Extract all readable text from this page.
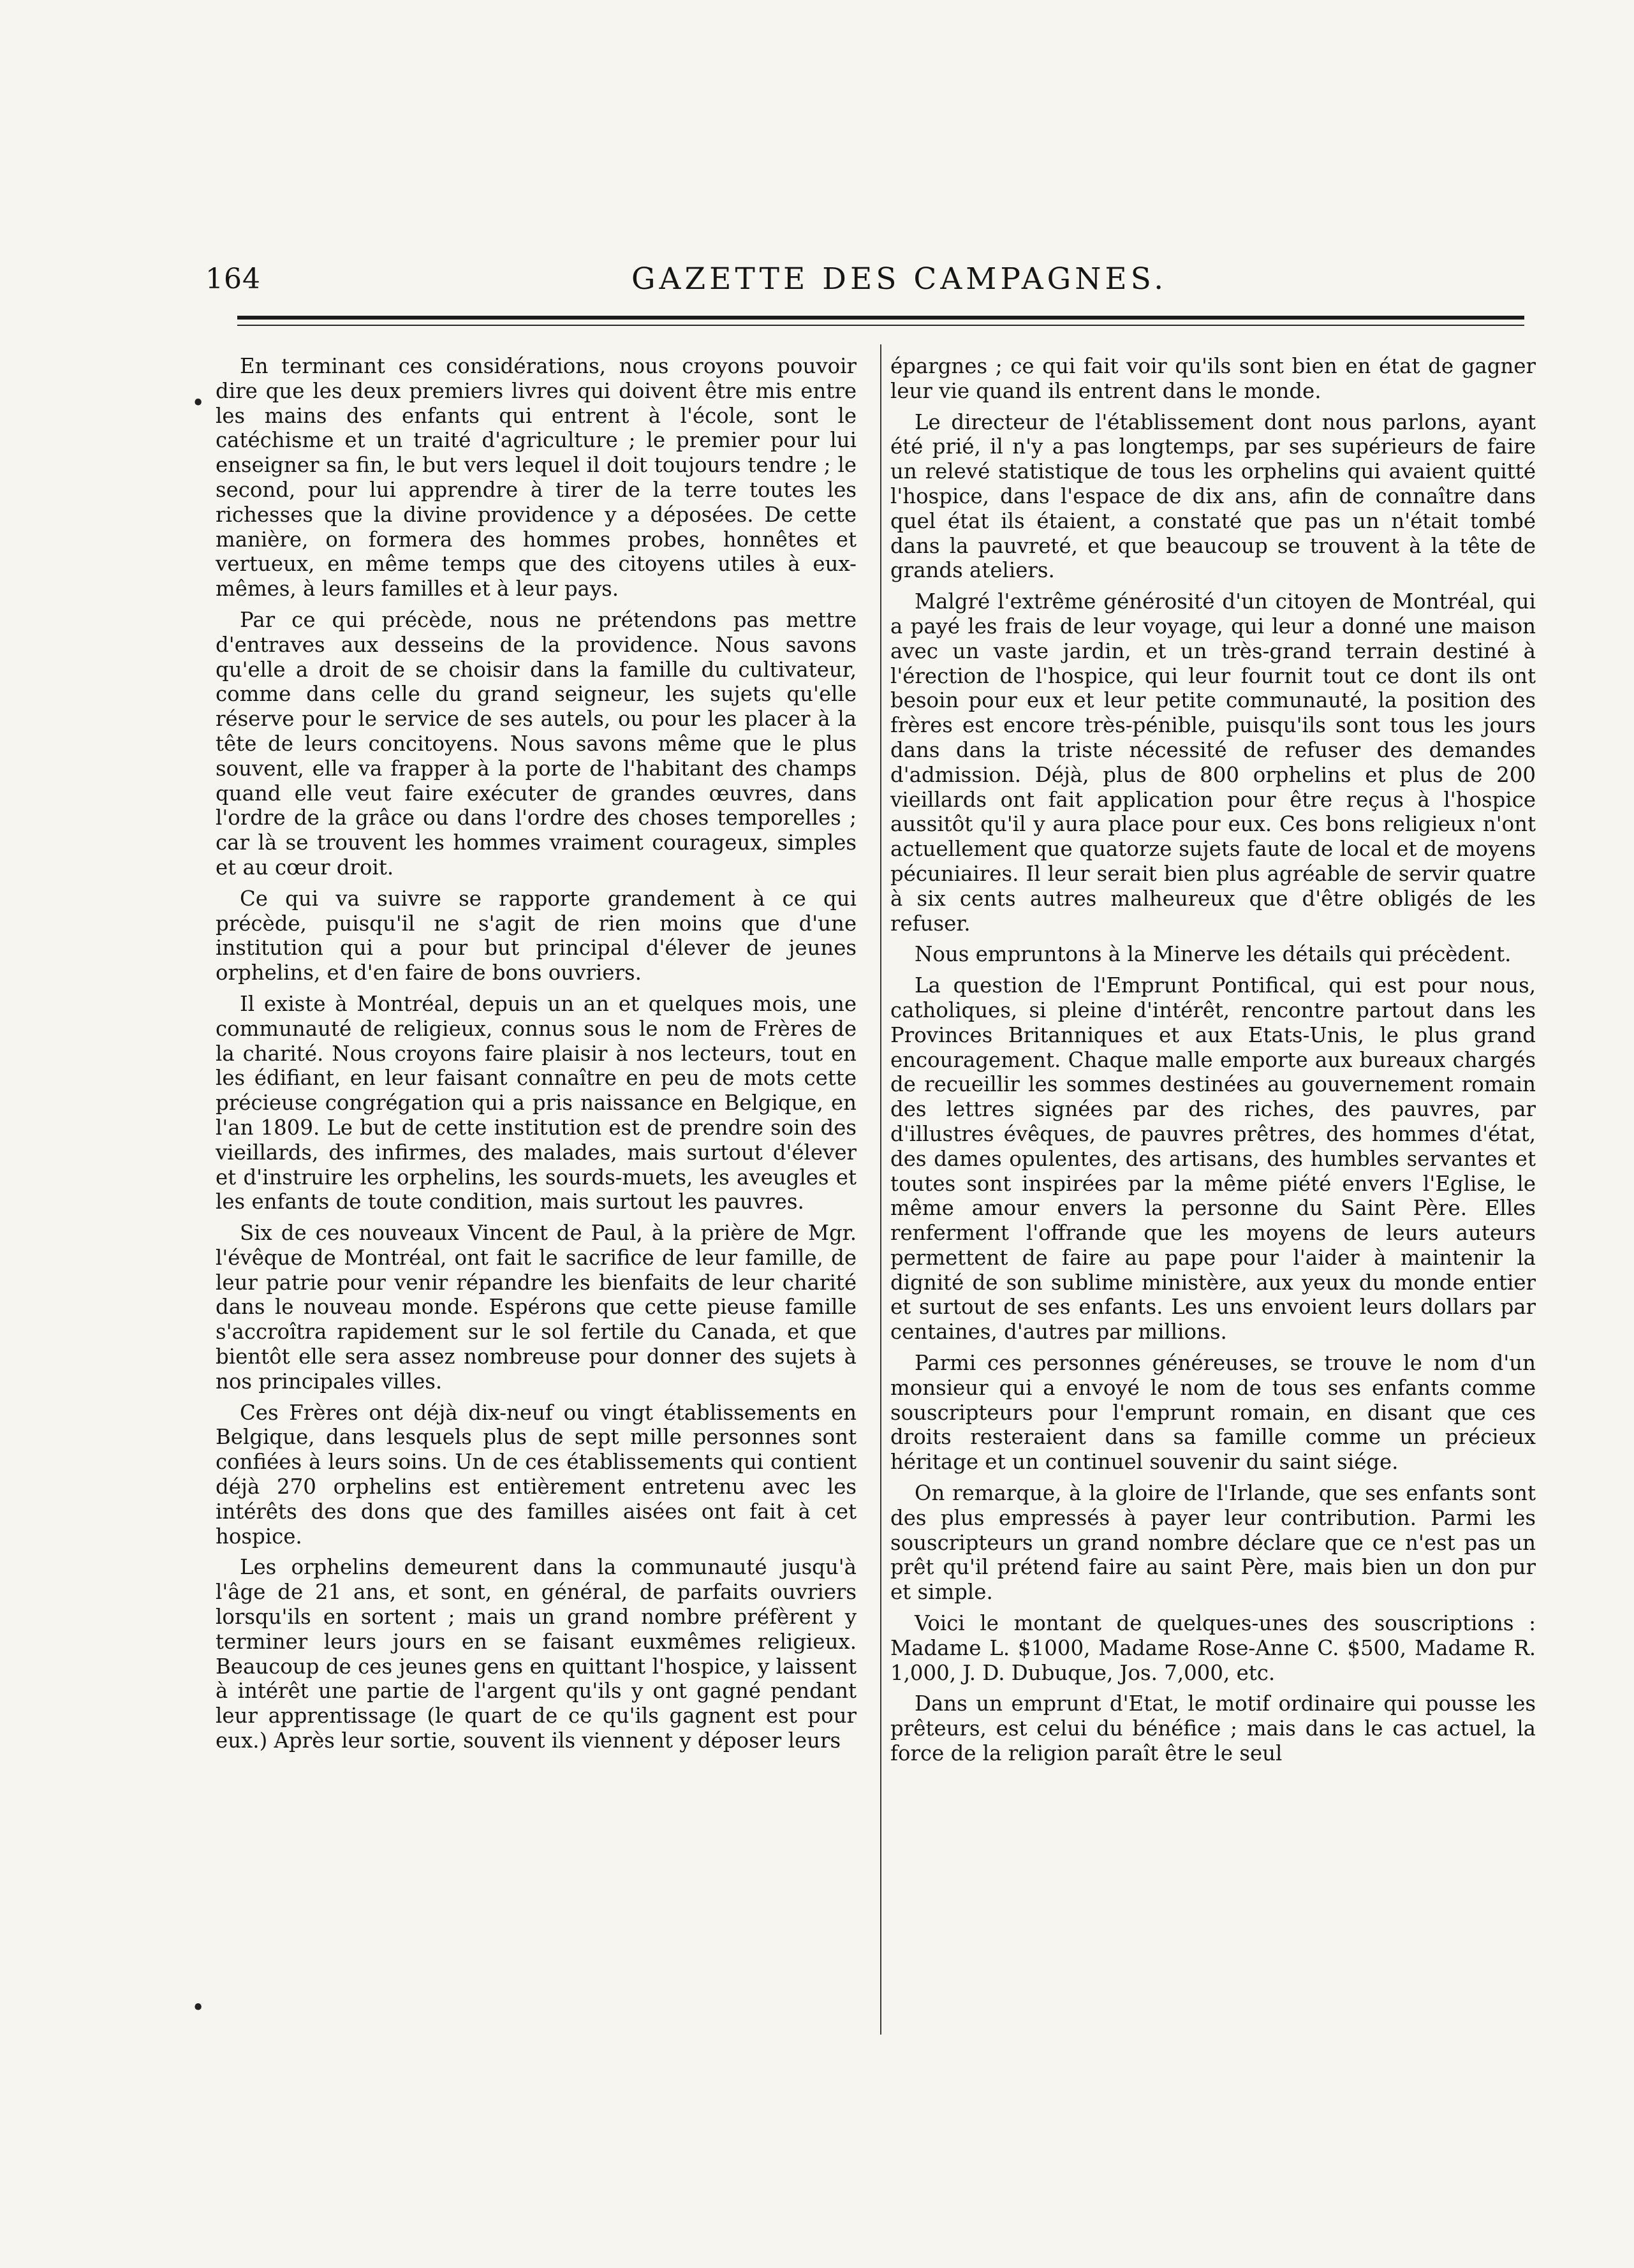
164	GAZETTE DES CAMPAGNES.
•
•

En terminant ces considérations, nous croyons pouvoir dire que les deux premiers livres qui doivent être mis entre les mains des enfants qui entrent à l'école, sont le catéchisme et un traité d'agriculture ; le premier pour lui enseigner sa fin, le but vers lequel il doit toujours tendre ; le second, pour lui apprendre à tirer de la terre toutes les richesses que la divine providence y a déposées. De cette manière, on formera des hommes probes, honnêtes et vertueux, en même temps que des citoyens utiles à eux-mêmes, à leurs familles et à leur pays.

Par ce qui précède, nous ne prétendons pas mettre d'entraves aux desseins de la providence. Nous savons qu'elle a droit de se choisir dans la famille du cultivateur, comme dans celle du grand seigneur, les sujets qu'elle réserve pour le service de ses autels, ou pour les placer à la tête de leurs concitoyens. Nous savons même que le plus souvent, elle va frapper à la porte de l'habitant des champs quand elle veut faire exécuter de grandes œuvres, dans l'ordre de la grâce ou dans l'ordre des choses temporelles ; car là se trouvent les hommes vraiment courageux, simples et au cœur droit.

Ce qui va suivre se rapporte grandement à ce qui précède, puisqu'il ne s'agit de rien moins que d'une institution qui a pour but principal d'élever de jeunes orphelins, et d'en faire de bons ouvriers.

Il existe à Montréal, depuis un an et quelques mois, une communauté de religieux, connus sous le nom de Frères de la charité. Nous croyons faire plaisir à nos lecteurs, tout en les édifiant, en leur faisant connaître en peu de mots cette précieuse congrégation qui a pris naissance en Belgique, en l'an 1809. Le but de cette institution est de prendre soin des vieillards, des infirmes, des malades, mais surtout d'élever et d'instruire les orphelins, les sourds-muets, les aveugles et les enfants de toute condition, mais surtout les pauvres.

Six de ces nouveaux Vincent de Paul, à la prière de Mgr. l'évêque de Montréal, ont fait le sacrifice de leur famille, de leur patrie pour venir répandre les bienfaits de leur charité dans le nouveau monde. Espérons que cette pieuse famille s'accroîtra rapidement sur le sol fertile du Canada, et que bientôt elle sera assez nombreuse pour donner des sujets à nos principales villes.

Ces Frères ont déjà dix-neuf ou vingt établissements en Belgique, dans lesquels plus de sept mille personnes sont confiées à leurs soins. Un de ces établissements qui contient déjà 270 orphelins est entièrement entretenu avec les intérêts des dons que des familles aisées ont fait à cet hospice.

Les orphelins demeurent dans la communauté jusqu'à l'âge de 21 ans, et sont, en général, de parfaits ouvriers lorsqu'ils en sortent ; mais un grand nombre préfèrent y terminer leurs jours en se faisant euxmêmes religieux. Beaucoup de ces jeunes gens en quittant l'hospice, y laissent à intérêt une partie de l'argent qu'ils y ont gagné pendant leur apprentissage (le quart de ce qu'ils gagnent est pour eux.) Après leur sortie, souvent ils viennent y déposer leurs

épargnes ; ce qui fait voir qu'ils sont bien en état de gagner leur vie quand ils entrent dans le monde.

Le directeur de l'établissement dont nous parlons, ayant été prié, il n'y a pas longtemps, par ses supérieurs de faire un relevé statistique de tous les orphelins qui avaient quitté l'hospice, dans l'espace de dix ans, afin de connaître dans quel état ils étaient, a constaté que pas un n'était tombé dans la pauvreté, et que beaucoup se trouvent à la tête de grands ateliers.

Malgré l'extrême générosité d'un citoyen de Montréal, qui a payé les frais de leur voyage, qui leur a donné une maison avec un vaste jardin, et un très-grand terrain destiné à l'érection de l'hospice, qui leur fournit tout ce dont ils ont besoin pour eux et leur petite communauté, la position des frères est encore très-pénible, puisqu'ils sont tous les jours dans dans la triste nécessité de refuser des demandes d'admission. Déjà, plus de 800 orphelins et plus de 200 vieillards ont fait application pour être reçus à l'hospice aussitôt qu'il y aura place pour eux. Ces bons religieux n'ont actuellement que quatorze sujets faute de local et de moyens pécuniaires. Il leur serait bien plus agréable de servir quatre à six cents autres malheureux que d'être obligés de les refuser.

Nous empruntons à la Minerve les détails qui précèdent.

La question de l'Emprunt Pontifical, qui est pour nous, catholiques, si pleine d'intérêt, rencontre partout dans les Provinces Britanniques et aux Etats-Unis, le plus grand encouragement. Chaque malle emporte aux bureaux chargés de recueillir les sommes destinées au gouvernement romain des lettres signées par des riches, des pauvres, par d'illustres évêques, de pauvres prêtres, des hommes d'état, des dames opulentes, des artisans, des humbles servantes et toutes sont inspirées par la même piété envers l'Eglise, le même amour envers la personne du Saint Père. Elles renferment l'offrande que les moyens de leurs auteurs permettent de faire au pape pour l'aider à maintenir la dignité de son sublime ministère, aux yeux du monde entier et surtout de ses enfants. Les uns envoient leurs dollars par centaines, d'autres par millions.

Parmi ces personnes généreuses, se trouve le nom d'un monsieur qui a envoyé le nom de tous ses enfants comme souscripteurs pour l'emprunt romain, en disant que ces droits resteraient dans sa famille comme un précieux héritage et un continuel souvenir du saint siége.

On remarque, à la gloire de l'Irlande, que ses enfants sont des plus empressés à payer leur contribution. Parmi les souscripteurs un grand nombre déclare que ce n'est pas un prêt qu'il prétend faire au saint Père, mais bien un don pur et simple.

Voici le montant de quelques-unes des souscriptions : Madame L. $1000, Madame Rose-Anne C. $500, Madame R. 1,000, J. D. Dubuque, Jos. 7,000, etc.

Dans un emprunt d'Etat, le motif ordinaire qui pousse les prêteurs, est celui du bénéfice ; mais dans le cas actuel, la force de la religion paraît être le seul
